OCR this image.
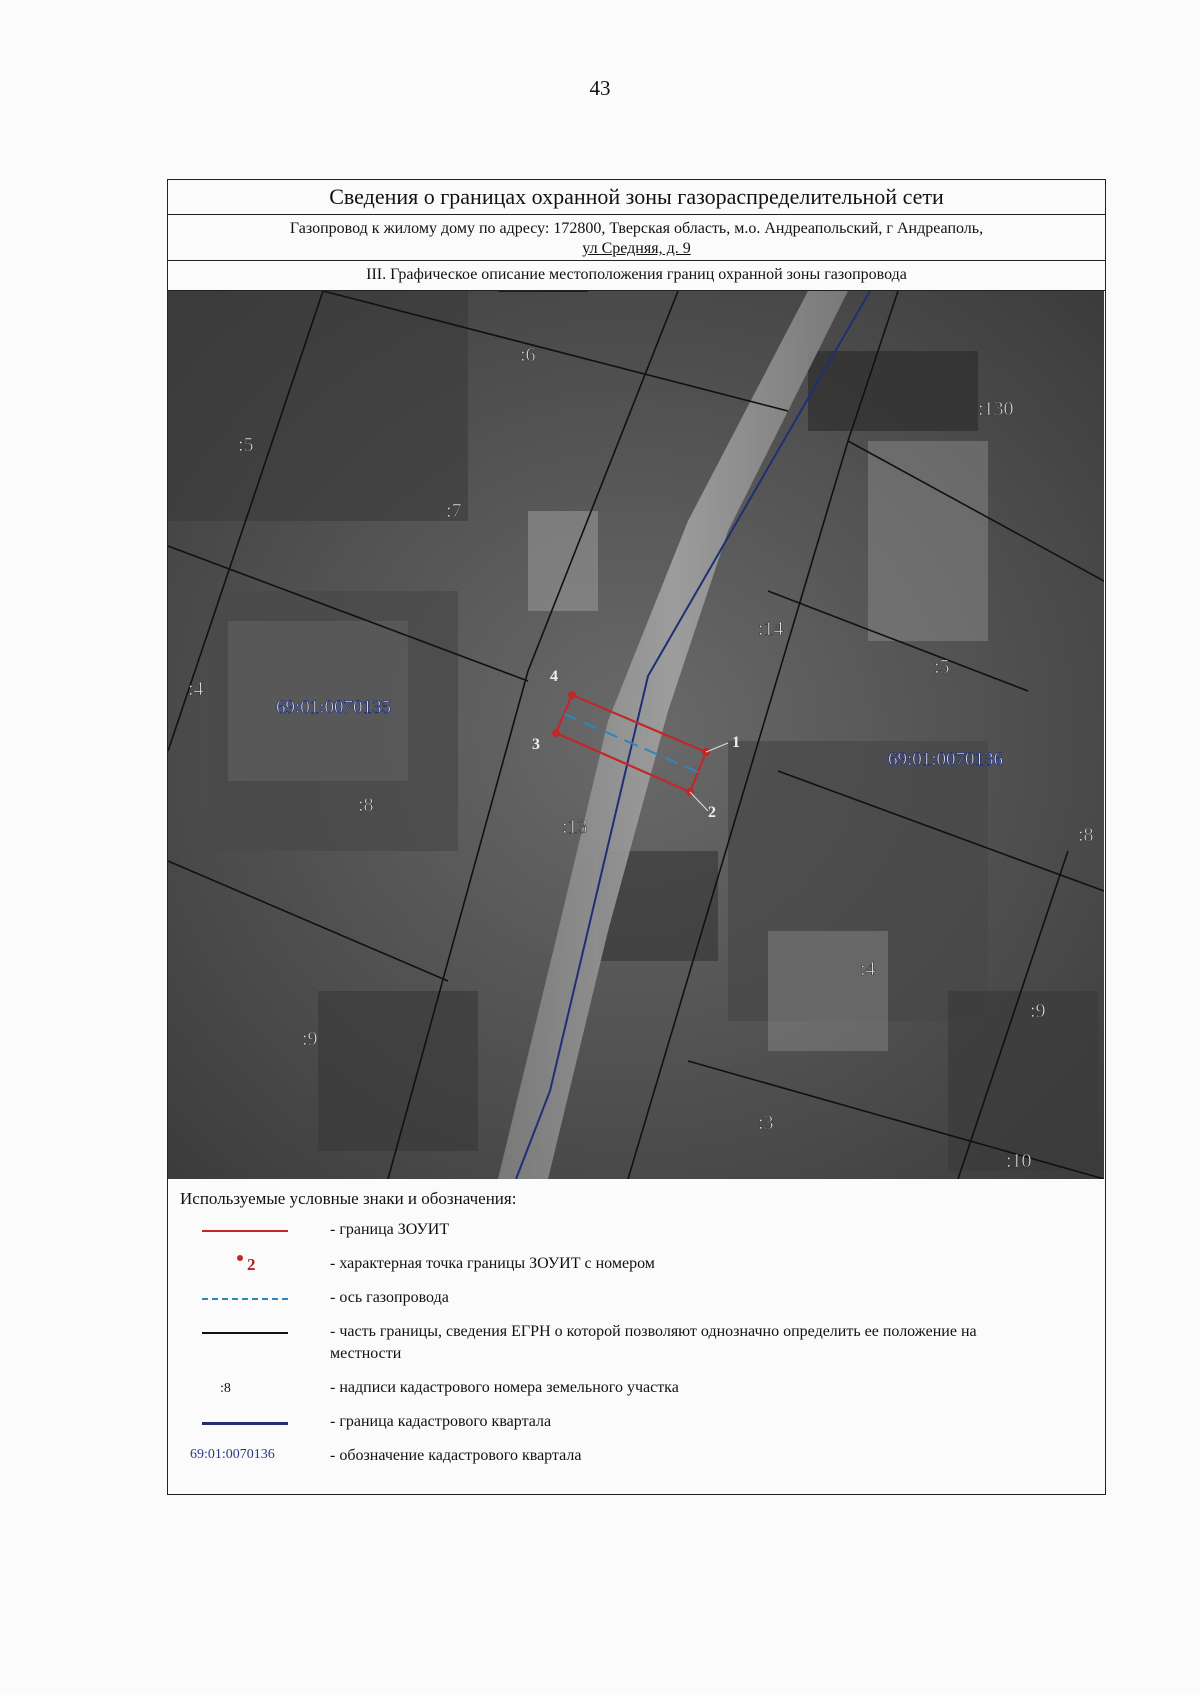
43
Сведения о границах охранной зоны газораспределительной сети
Газопровод к жилому дому по адресу: 172800, Тверская область, м.о. Андреапольский, г Андреаполь,
ул Средняя, д. 9
III. Графическое описание местоположения границ охранной зоны газопровода
1
2
3
4
:6
:130
:5
:7
:14
:4
:5
:3
:8
:13	:8
:4
:9
:9
:10
69:01:0070135
69:01:0070136
Используемые условные знаки и обозначения:
- граница ЗОУИТ
2	- характерная точка границы ЗОУИТ с номером
- ось газопровода
- часть границы, сведения ЕГРН о которой позволяют однозначно определить ее положение на местности
:8	- надписи кадастрового номера земельного участка
- граница кадастрового квартала
69:01:0070136	- обозначение кадастрового квартала
